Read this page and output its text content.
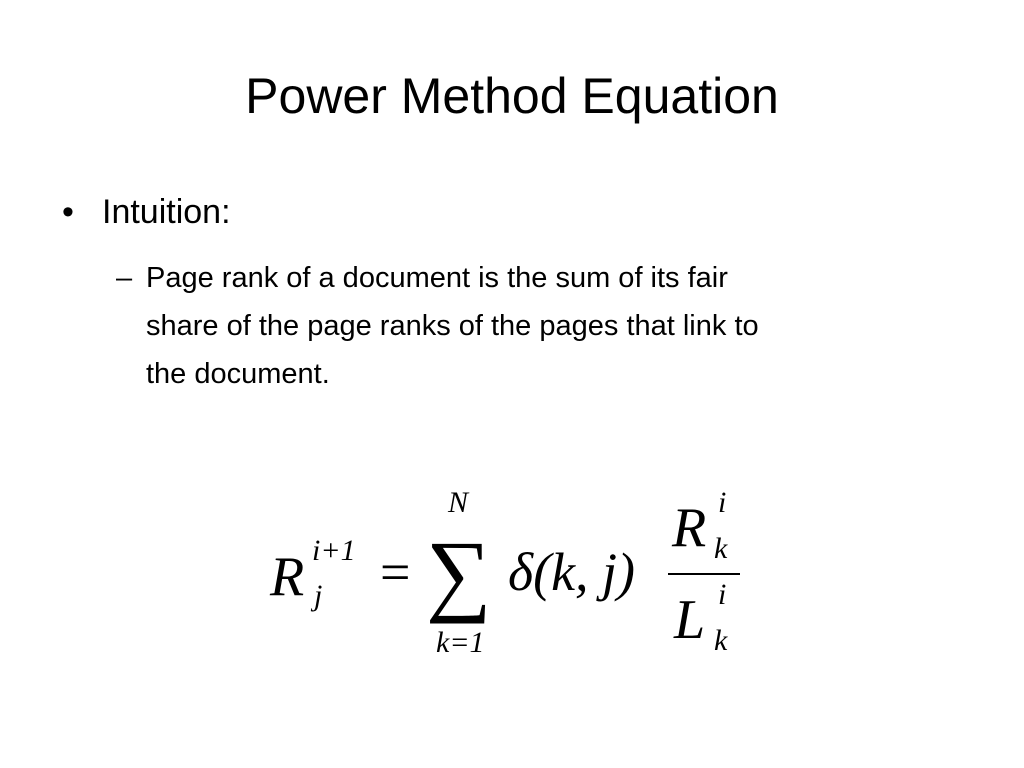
Power Method Equation
• Intuition:
– Page rank of a document is the sum of its fair
share of the page ranks of the pages that link to
the document.
R i+1
j = ∑
N
k=1
δ(k, j)
R i
k
L i
k
